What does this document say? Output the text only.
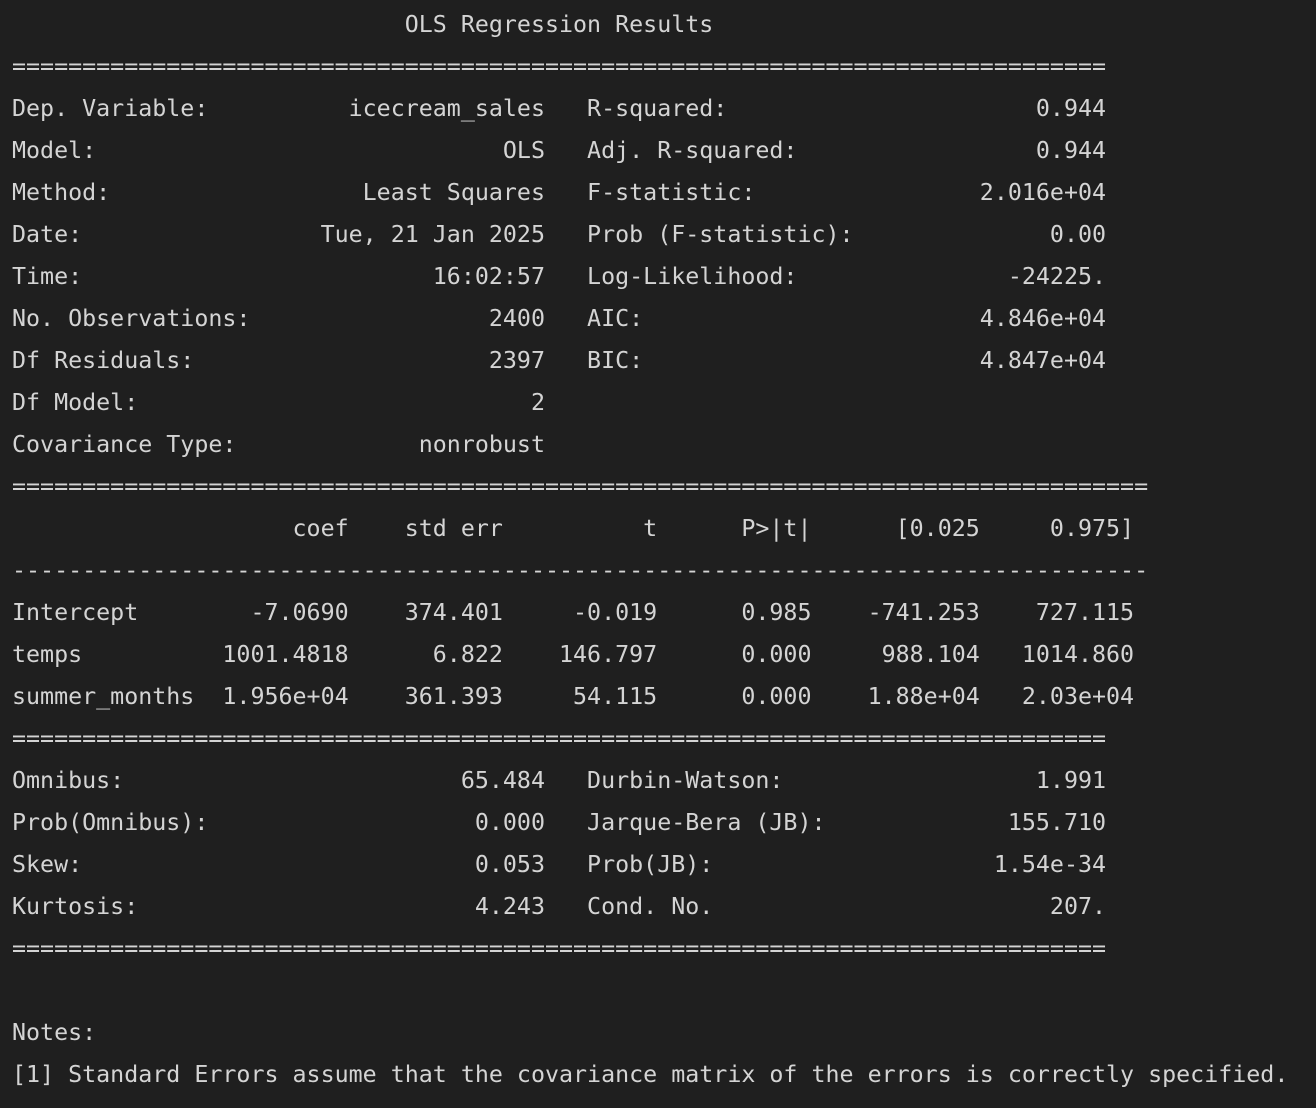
OLS Regression Results
==============================================================================
Dep. Variable:          icecream_sales   R-squared:                      0.944
Model:                             OLS   Adj. R-squared:                 0.944
Method:                  Least Squares   F-statistic:                2.016e+04
Date:                 Tue, 21 Jan 2025   Prob (F-statistic):              0.00
Time:                         16:02:57   Log-Likelihood:               -24225.
No. Observations:                 2400   AIC:                        4.846e+04
Df Residuals:                     2397   BIC:                        4.847e+04
Df Model:                            2
Covariance Type:             nonrobust
=================================================================================
coef    std err          t      P>|t|      [0.025     0.975]
---------------------------------------------------------------------------------
Intercept        -7.0690    374.401     -0.019      0.985    -741.253    727.115
temps          1001.4818      6.822    146.797      0.000     988.104   1014.860
summer_months  1.956e+04    361.393     54.115      0.000    1.88e+04   2.03e+04
==============================================================================
Omnibus:                        65.484   Durbin-Watson:                  1.991
Prob(Omnibus):                   0.000   Jarque-Bera (JB):             155.710
Skew:                            0.053   Prob(JB):                    1.54e-34
Kurtosis:                        4.243   Cond. No.                        207.
==============================================================================
Notes:
[1] Standard Errors assume that the covariance matrix of the errors is correctly specified.
